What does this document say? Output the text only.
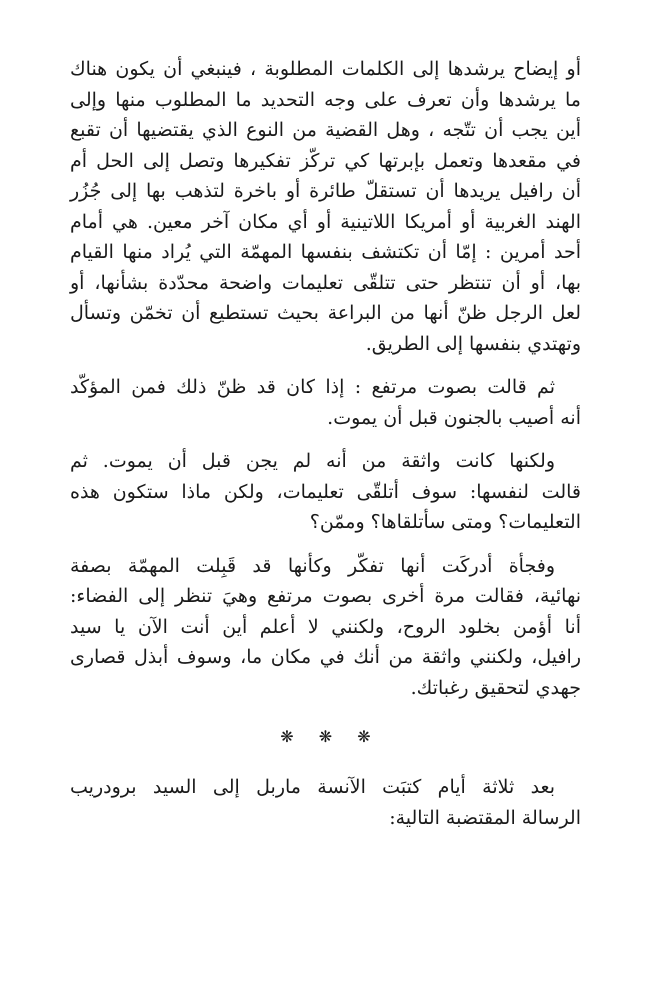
أو إيضاح يرشدها إلى الكلمات المطلوبة ، فينبغي أن يكون هناك
ما يرشدها وأن تعرف على وجه التحديد ما المطلوب منها وإلى
أين يجب أن تتّجه ، وهل القضية من النوع الذي يقتضيها أن تقبع
في مقعدها وتعمل بإبرتها كي تركّز تفكيرها وتصل إلى الحل أم
أن رافيل يريدها أن تستقلّ طائرة أو باخرة لتذهب بها إلى جُزُر
الهند الغربية أو أمريكا اللاتينية أو أي مكان آخر معين. هي أمام
أحد أمرين : إمّا أن تكتشف بنفسها المهمّة التي يُراد منها القيام
بها، أو أن تنتظر حتى تتلقّى تعليمات واضحة محدّدة بشأنها، أو
لعل الرجل ظنّ أنها من البراعة بحيث تستطيع أن تخمّن وتسأل
وتهتدي بنفسها إلى الطريق.

ثم قالت بصوت مرتفع : إذا كان قد ظنّ ذلك فمن المؤكّد
أنه أصيب بالجنون قبل أن يموت.

ولكنها كانت واثقة من أنه لم يجن قبل أن يموت. ثم
قالت لنفسها: سوف أتلقّى تعليمات، ولكن ماذا ستكون هذه
التعليمات؟ ومتى سأتلقاها؟ وممّن؟

وفجأة أدركَت أنها تفكّر وكأنها قد قَبِلت المهمّة بصفة
نهائية، فقالت مرة أخرى بصوت مرتفع وهيَ تنظر إلى الفضاء:
أنا أؤمن بخلود الروح، ولكنني لا أعلم أين أنت الآن يا سيد
رافيل، ولكنني واثقة من أنك في مكان ما، وسوف أبذل قصارى
جهدي لتحقيق رغباتك.

❋ ❋ ❋

بعد ثلاثة أيام كتبَت الآنسة ماربل إلى السيد برودريب
الرسالة المقتضبة التالية:
